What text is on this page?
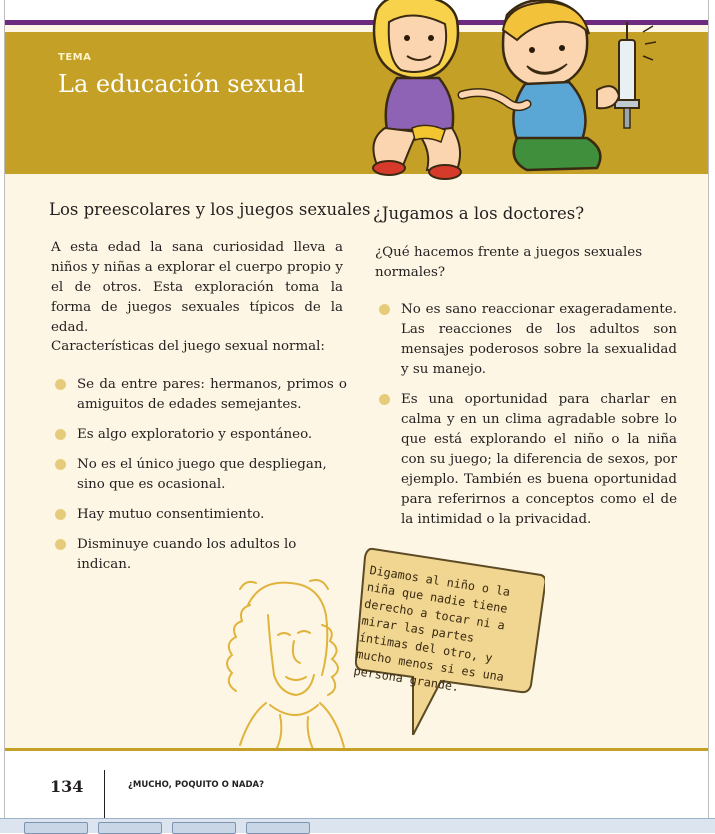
TEMA
La educación sexual
Los preescolares y los juegos sexuales

A esta edad la sana curiosidad lleva a niños y niñas a explorar el cuerpo propio y el de otros. Esta exploración toma la forma de juegos sexuales típicos de la edad.

Características del juego sexual normal:

Se da entre pares: hermanos, primos o amiguitos de edades semejantes.
Es algo exploratorio y espontáneo.
No es el único juego que despliegan, sino que es ocasional.
Hay mutuo consentimiento.
Disminuye cuando los adultos lo indican.
¿Jugamos a los doctores?

¿Qué hacemos frente a juegos sexuales normales?

No es sano reaccionar exageradamente. Las reacciones de los adultos son mensajes poderosos sobre la sexualidad y su manejo.
Es una oportunidad para charlar en calma y en un clima agradable sobre lo que está explorando el niño o la niña con su juego; la diferencia de sexos, por ejemplo. También es buena oportunidad para referirnos a conceptos como el de la intimidad o la privacidad.
Digamos al niño o la niña que nadie tiene derecho a tocar ni a mirar las partes íntimas del otro, y mucho menos si es una persona grande.
134	¿MUCHO, POQUITO O NADA?
